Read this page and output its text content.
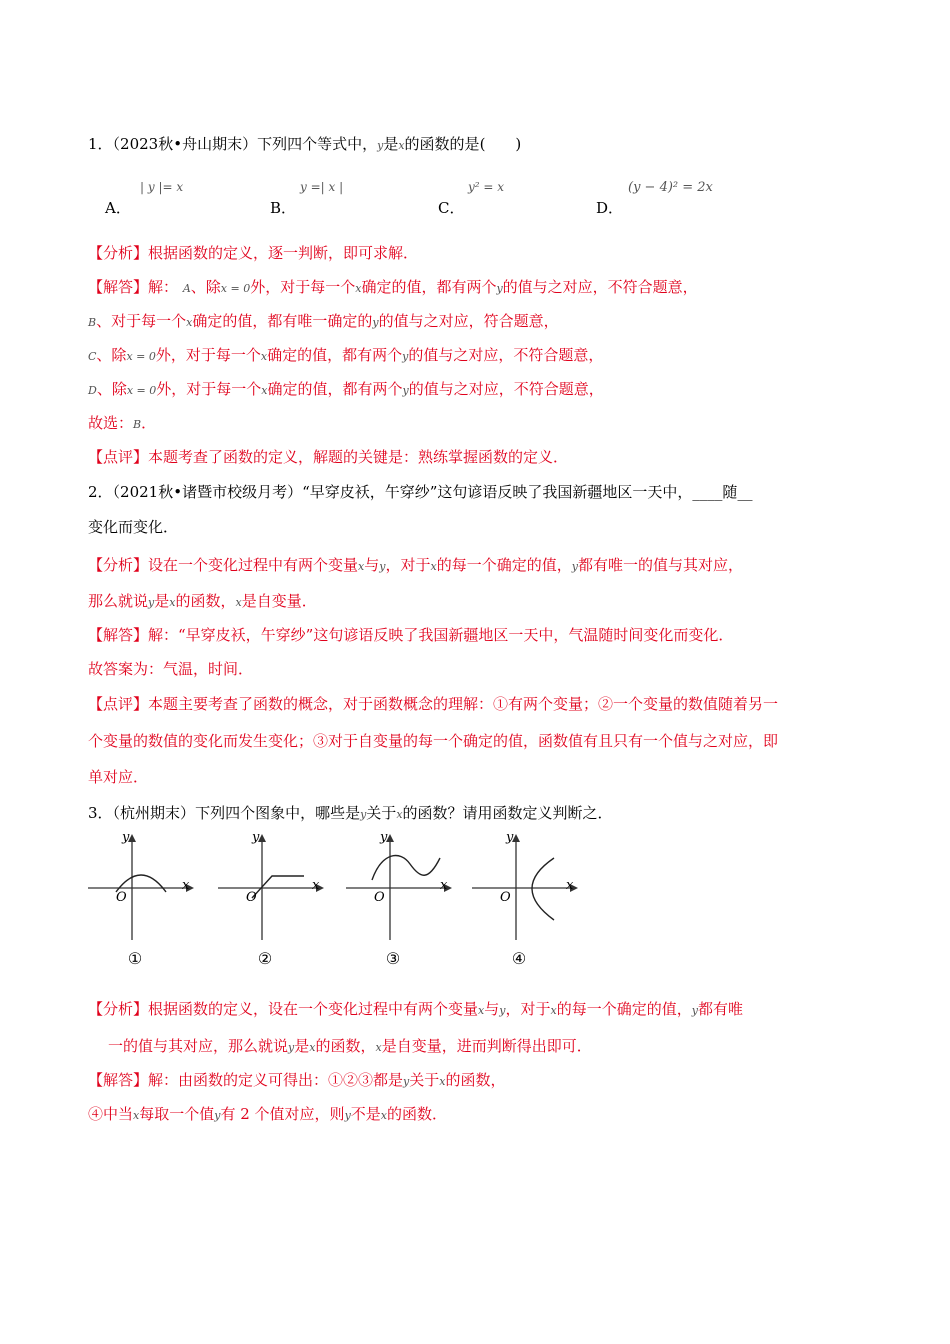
1．（2023秋•舟山期末）下列四个等式中，y是x的函数的是(　　)
| y |= x
A．
y =| x |
B．
y² = x
C．
(y − 4)² = 2x
D．
【分析】根据函数的定义，逐一判断，即可求解．
【解答】解： A、除x = 0外，对于每一个x确定的值，都有两个y的值与之对应，不符合题意，
B、对于每一个x确定的值，都有唯一确定的y的值与之对应，符合题意，
C、除x = 0外，对于每一个x确定的值，都有两个y的值与之对应，不符合题意，
D、除x = 0外，对于每一个x确定的值，都有两个y的值与之对应，不符合题意，
故选：B．
【点评】本题考查了函数的定义，解题的关键是：熟练掌握函数的定义．
2．（2021秋•诸暨市校级月考）“早穿皮袄，午穿纱”这句谚语反映了我国新疆地区一天中，____随__
变化而变化．
【分析】设在一个变化过程中有两个变量x与y，对于x的每一个确定的值，y都有唯一的值与其对应，
那么就说y是x的函数，x是自变量．
【解答】解：“早穿皮袄，午穿纱”这句谚语反映了我国新疆地区一天中，气温随时间变化而变化．
故答案为：气温，时间．
【点评】本题主要考查了函数的概念，对于函数概念的理解：①有两个变量；②一个变量的数值随着另一
个变量的数值的变化而发生变化；③对于自变量的每一个确定的值，函数值有且只有一个值与之对应，即
单对应．
3．（杭州期末）下列四个图象中，哪些是y关于x的函数？请用函数定义判断之．
y
x
O
①
y
x
O
②
y
x
O
③
y
x
O
④
【分析】根据函数的定义，设在一个变化过程中有两个变量x与y，对于x的每一个确定的值，y都有唯
一的值与其对应，那么就说y是x的函数，x是自变量，进而判断得出即可．
【解答】解：由函数的定义可得出：①②③都是y关于x的函数，
④中当x每取一个值y有 2 个值对应，则y不是x的函数．
